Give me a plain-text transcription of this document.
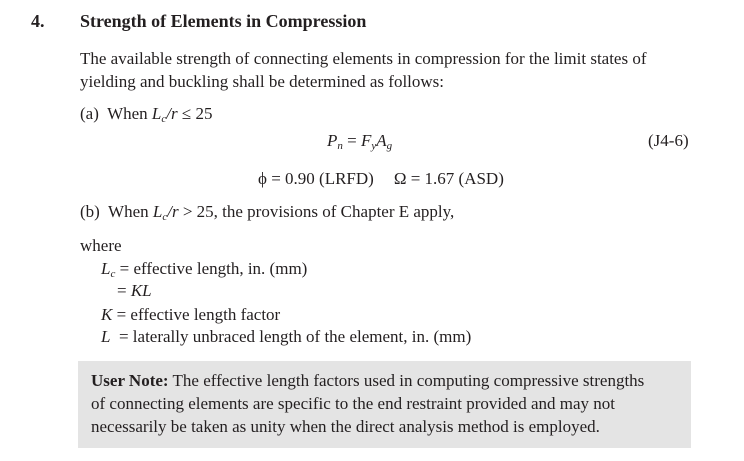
4. Strength of Elements in Compression
The available strength of connecting elements in compression for the limit states of
yielding and buckling shall be determined as follows:
(a) When $L_c/r \le 25$
$P_n = F_yA_g$	(J4-6)
ϕ = 0.90 (LRFD) Ω = 1.67 (ASD)
(b) When $L_c/r > 25$, the provisions of Chapter E apply,
where
$L_c$ = effective length, in. (mm)
= KL
K = effective length factor
L  = laterally unbraced length of the element, in. (mm)
User Note: The effective length factors used in computing compressive strengths
of connecting elements are specific to the end restraint provided and may not
necessarily be taken as unity when the direct analysis method is employed.
